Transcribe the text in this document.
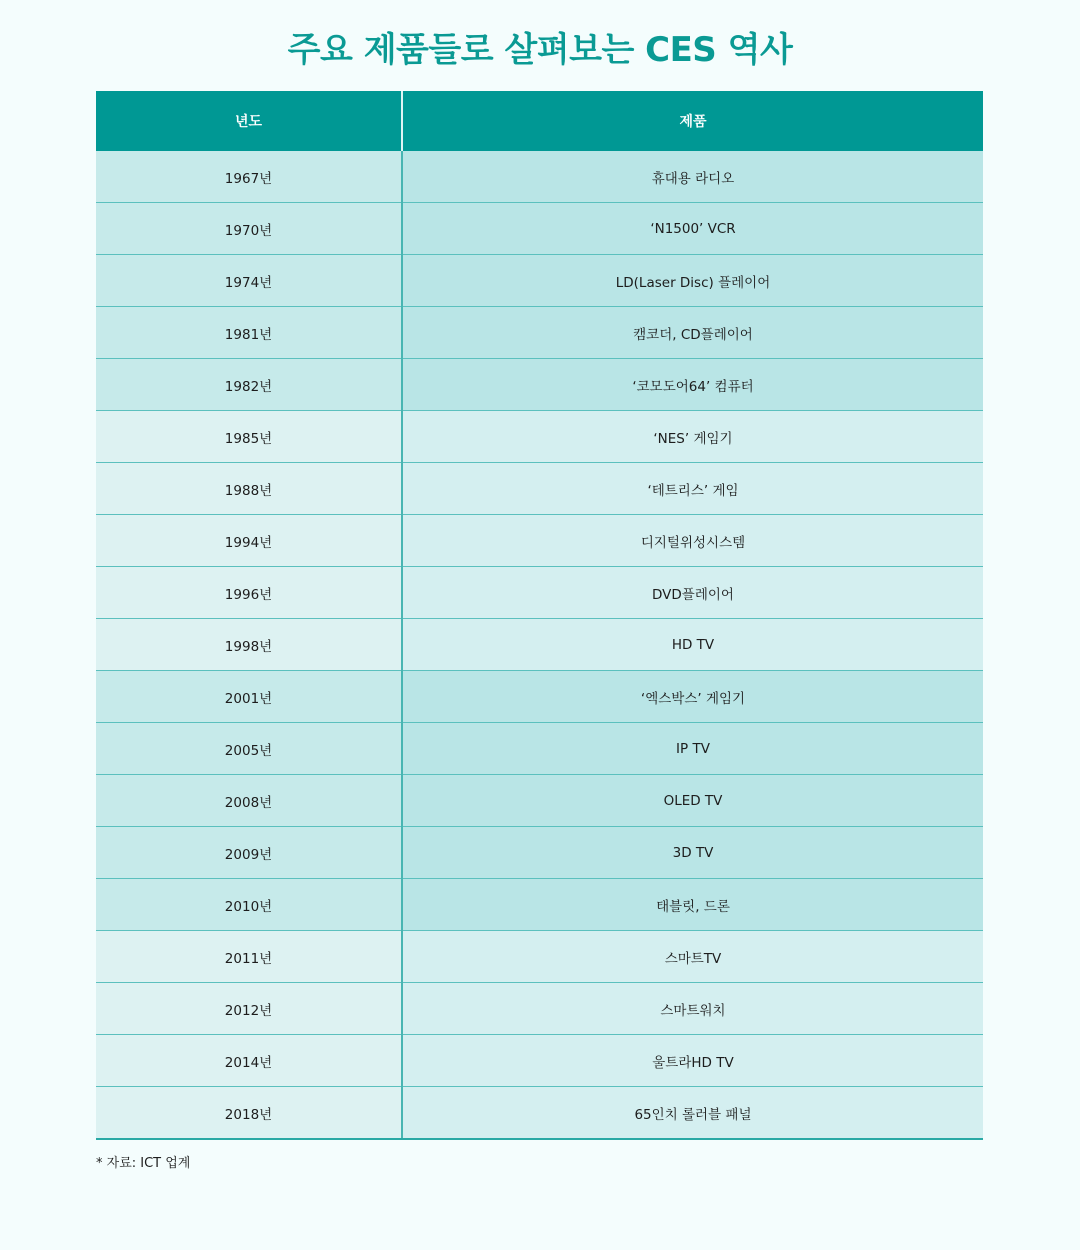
주요 제품들로 살펴보는 CES 역사
년도	제품
1967년	휴대용 라디오
1970년	‘N1500’ VCR
1974년	LD(Laser Disc) 플레이어
1981년	캠코더, CD플레이어
1982년	‘코모도어64’ 컴퓨터
1985년	‘NES’ 게임기
1988년	‘테트리스’ 게임
1994년	디지털위성시스템
1996년	DVD플레이어
1998년	HD TV
2001년	‘엑스박스’ 게임기
2005년	IP TV
2008년	OLED TV
2009년	3D TV
2010년	태블릿, 드론
2011년	스마트TV
2012년	스마트워치
2014년	울트라HD TV
2018년	65인치 롤러블 패널
* 자료: ICT 업계
